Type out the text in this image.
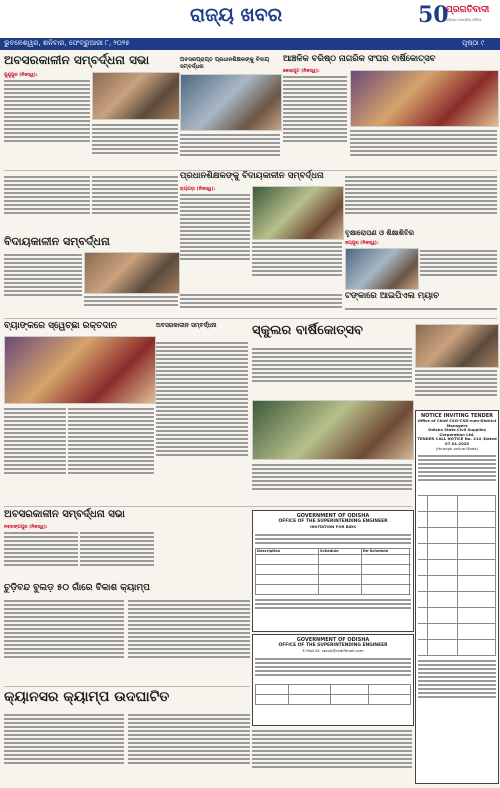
ରାଜ୍ୟ ଖବର	50
ପ୍ରଗତିବାଦୀ
ଓଡ଼ିଶାର ଜନପ୍ରିୟ ଦୈନିକ
ଭୁବନେଶ୍ୱର, ଶନିବାର, ଫେବ୍ରୁଆରୀ ୮, ୨୦୨୫	ପୃଷ୍ଠା ୯
ଅବସରକାଳୀନ ସମ୍ବର୍ଦ୍ଧନା ସଭା	ଅବସରପ୍ରାପ୍ତ ପ୍ରଧାନଶିକ୍ଷକଙ୍କୁ ବିଦାୟ ସମ୍ବର୍ଦ୍ଧନା
ଆଞ୍ଚଳିକ ବରିଷ୍ଠ ନାଗରିକ ସଂଘର ବାର୍ଷିକୋତ୍ସବ
ଗୁଣୁପୁର (ନିଜସ୍ୱ):
କୋରାପୁଟ (ନିଜସ୍ୱ):
ପ୍ରଧାନଶିକ୍ଷକଙ୍କୁ ବିଦାୟକାଳୀନ ସମ୍ବର୍ଦ୍ଧନା
ରାୟଗଡ଼ା (ନିଜସ୍ୱ):
ବୃକ୍ଷାରୋପଣ ଓ ଶିକ୍ଷାଶିବିର
ଜୟପୁର (ନିଜସ୍ୱ):
ବିଦାୟକାଳୀନ ସମ୍ବର୍ଦ୍ଧନା
ଟଙ୍କାରେ ଆଇପିଏଲ ମ୍ୟାଚ
ବ୍ୟାଙ୍କରେ ସ୍ୱେଚ୍ଛା ରକ୍ତଦାନ	ଅବସରକାଳୀନ ସମ୍ବର୍ଦ୍ଧନା	ସ୍କୁଲର ବାର୍ଷିକୋତ୍ସବ
NOTICE INVITING TENDER
Office of Chief CSO-CSD-cum-District Managers
Odisha State Civil Supplies Corporation Ltd.
TENDER CALL NOTICE No. 214 /Dated 07.01.2025
(through online Mode)
ଅବସରକାଳୀନ ସମ୍ବର୍ଦ୍ଧନା ସଭା
ନବରଙ୍ଗପୁର (ନିଜସ୍ୱ):
GOVERNMENT OF ODISHA
OFFICE OF THE SUPERINTENDING ENGINEER
INVITATION FOR BIDS
Description	Schedule	Re-Schedule
ଚୁଡ଼ିବନ୍ଦ ବୁଲଡ଼ ୫୦ ଗାଁରେ ବିକାଶ କ୍ୟାମ୍ପ
GOVERNMENT OF ODISHA
OFFICE OF THE SUPERINTENDING ENGINEER
E-Mail ID: seroh@rediffmail.com
କ୍ୟାନସର କ୍ୟାମ୍ପ ଉଦଘାଟିତ
